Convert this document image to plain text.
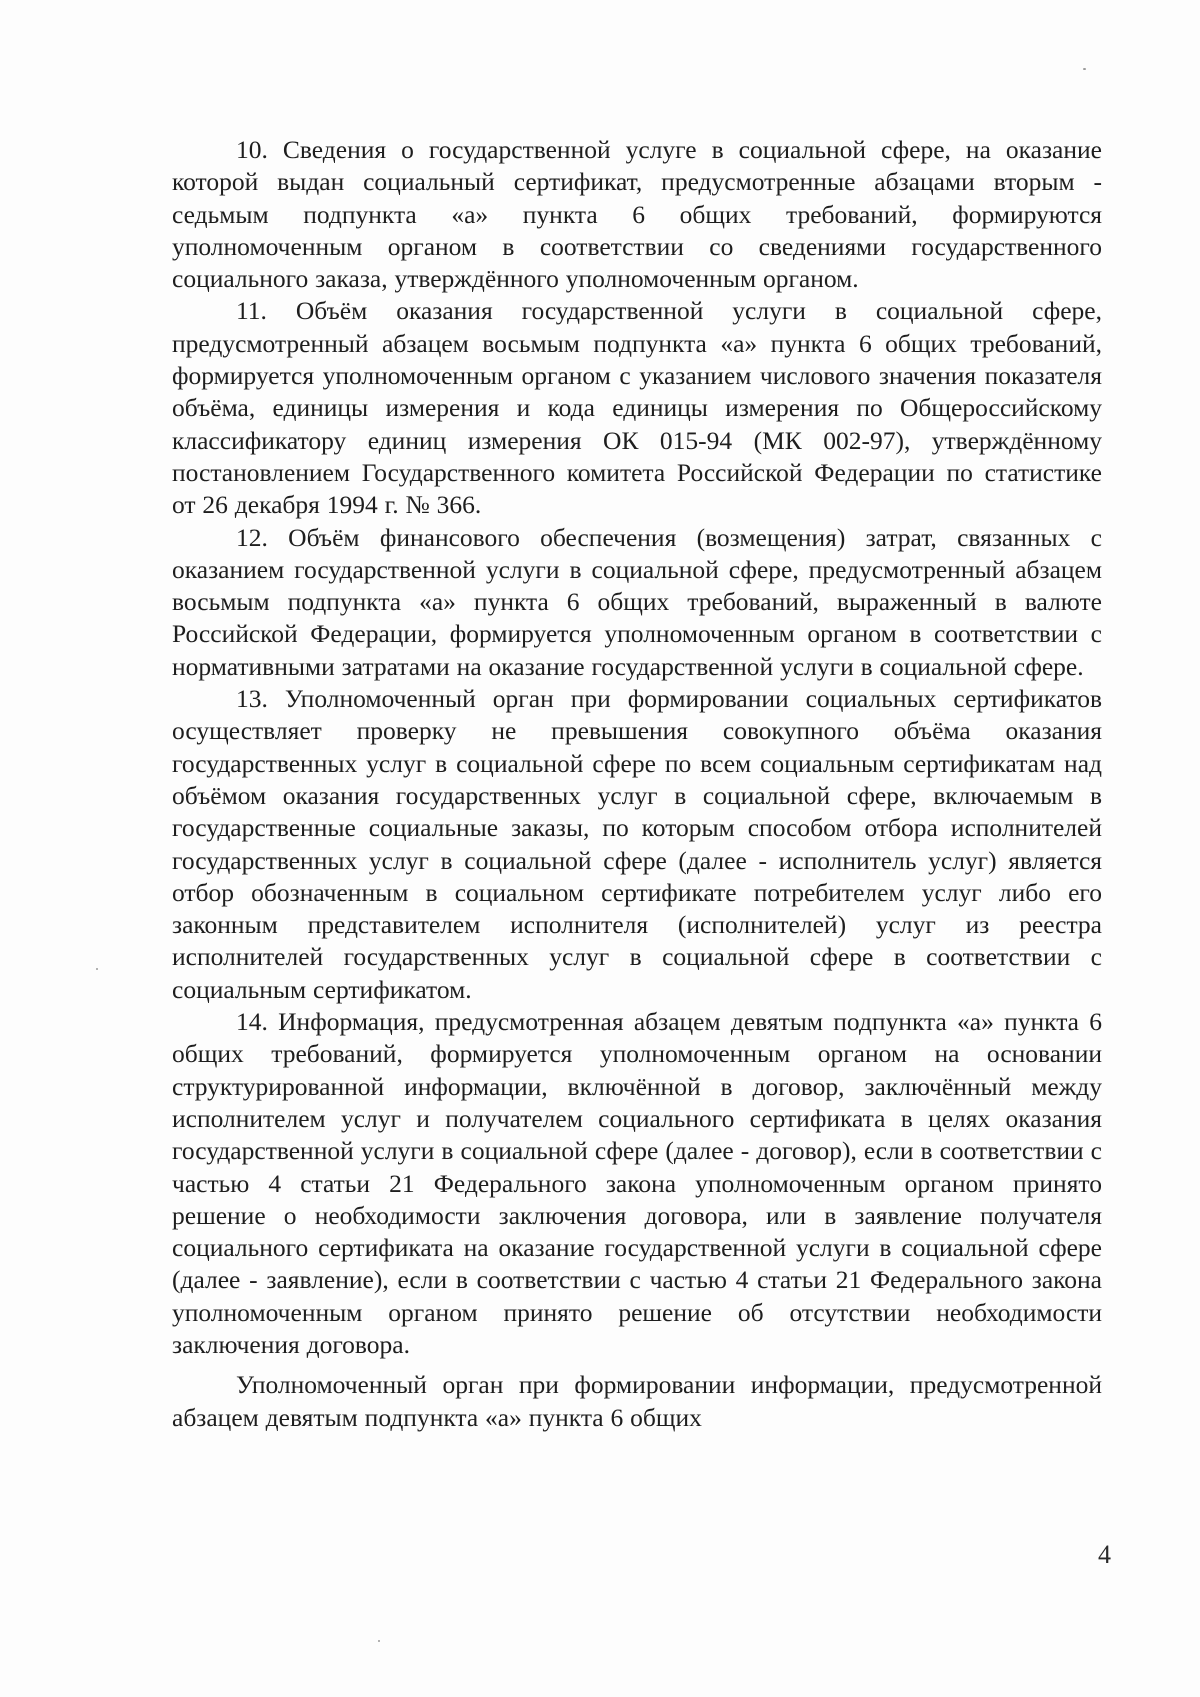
10. Сведения о государственной услуге в социальной сфере, на оказание которой выдан социальный сертификат, предусмотренные абзацами вторым - седьмым подпункта «а» пункта 6 общих требований, формируются уполномоченным органом в соответствии со сведениями государственного социального заказа, утверждённого уполномоченным органом.

11. Объём оказания государственной услуги в социальной сфере, предусмотренный абзацем восьмым подпункта «а» пункта 6 общих требований, формируется уполномоченным органом с указанием числового значения показателя объёма, единицы измерения и кода единицы измерения по Общероссийскому классификатору единиц измерения ОК 015-94 (МК 002-97), утверждённому постановлением Государственного комитета Российской Федерации по статистике от 26 декабря 1994 г. № 366.

12. Объём финансового обеспечения (возмещения) затрат, связанных с оказанием государственной услуги в социальной сфере, предусмотренный абзацем восьмым подпункта «а» пункта 6 общих требований, выраженный в валюте Российской Федерации, формируется уполномоченным органом в соответствии с нормативными затратами на оказание государственной услуги в социальной сфере.

13. Уполномоченный орган при формировании социальных сертификатов осуществляет проверку не превышения совокупного объёма оказания государственных услуг в социальной сфере по всем социальным сертификатам над объёмом оказания государственных услуг в социальной сфере, включаемым в государственные социальные заказы, по которым способом отбора исполнителей государственных услуг в социальной сфере (далее - исполнитель услуг) является отбор обозначенным в социальном сертификате потребителем услуг либо его законным представителем исполнителя (исполнителей) услуг из реестра исполнителей государственных услуг в социальной сфере в соответствии с социальным сертификатом.

14. Информация, предусмотренная абзацем девятым подпункта «а» пункта 6 общих требований, формируется уполномоченным органом на основании структурированной информации, включённой в договор, заключённый между исполнителем услуг и получателем социального сертификата в целях оказания государственной услуги в социальной сфере (далее - договор), если в соответствии с частью 4 статьи 21 Федерального закона уполномоченным органом принято решение о необходимости заключения договора, или в заявление получателя социального сертификата на оказание государственной услуги в социальной сфере (далее - заявление), если в соответствии с частью 4 статьи 21 Федерального закона уполномоченным органом принято решение об отсутствии необходимости заключения договора.

Уполномоченный орган при формировании информации, предусмотренной абзацем девятым подпункта «а» пункта 6 общих

4
